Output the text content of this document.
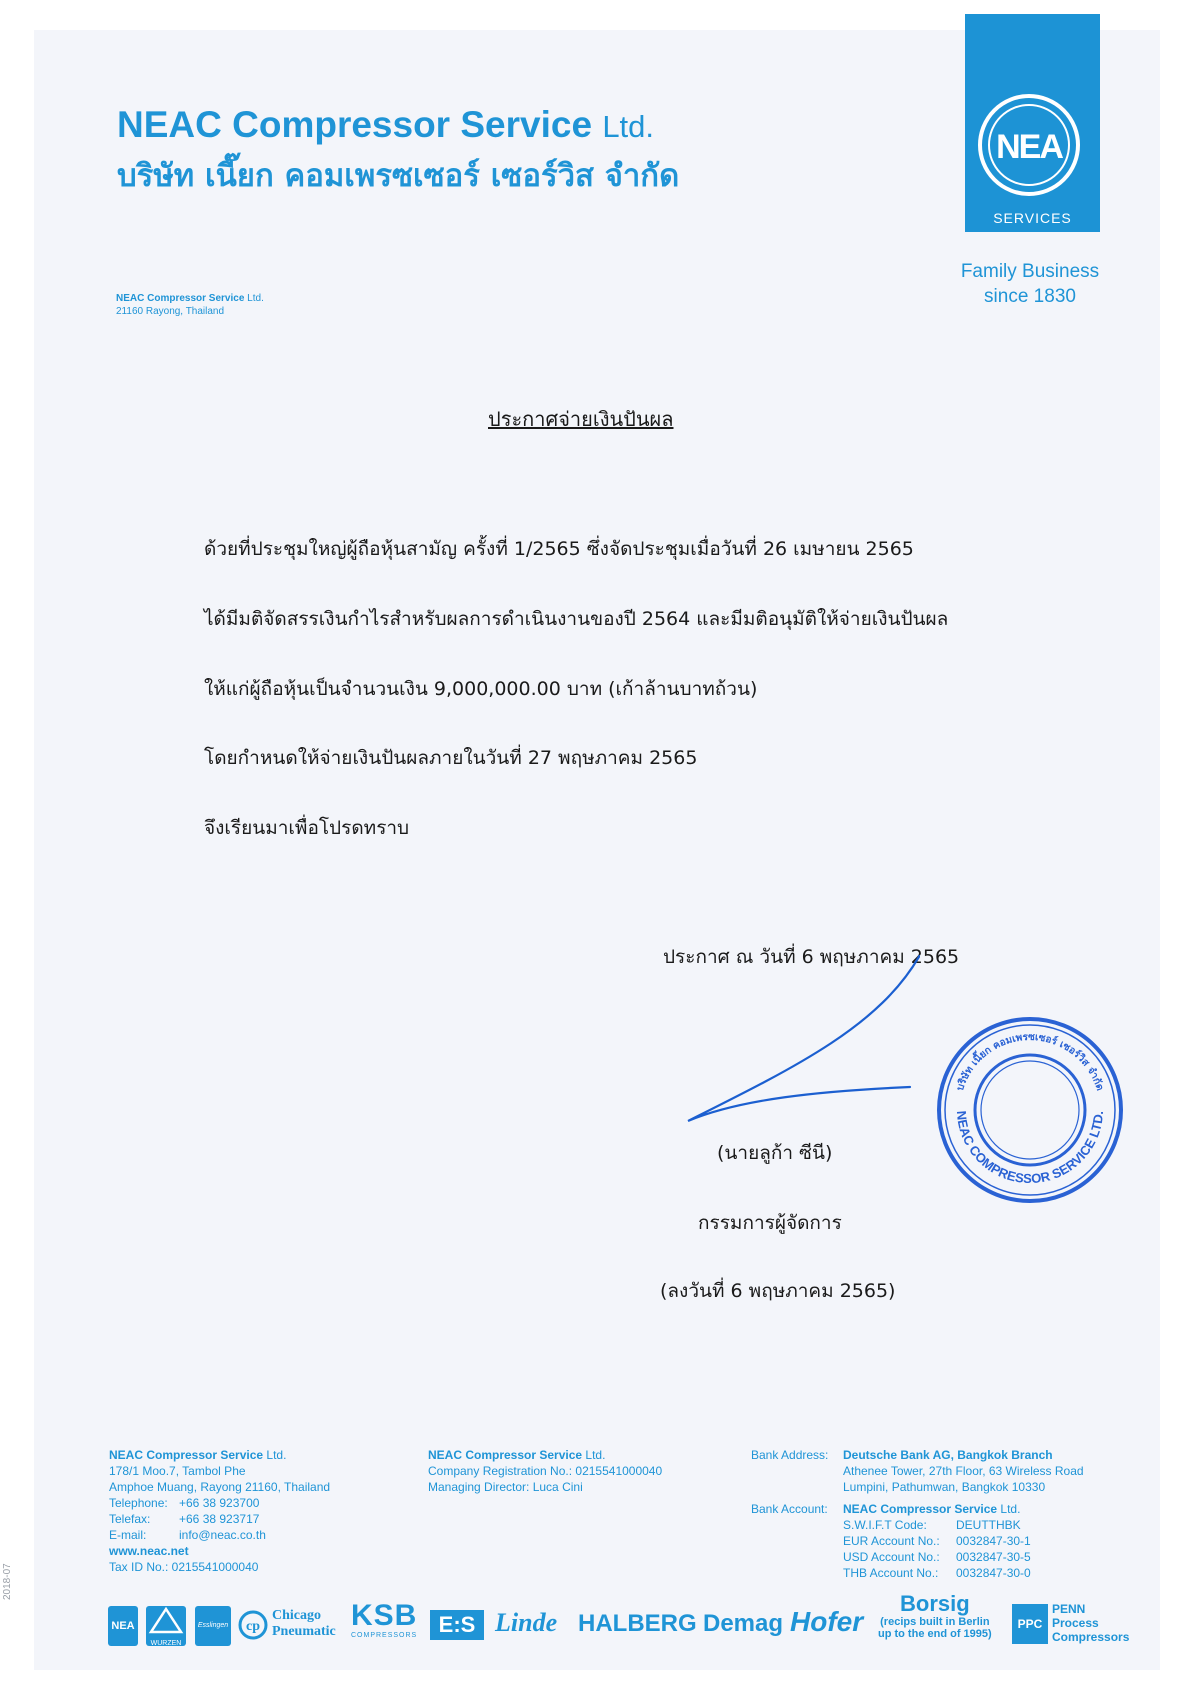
NEAC Compressor Service Ltd.
บริษัท เนี๊ยก คอมเพรซเซอร์ เซอร์วิส จำกัด
NEA
SERVICES
Family Business
since 1830
NEAC Compressor Service Ltd.
21160 Rayong, Thailand
ประกาศจ่ายเงินปันผล
ด้วยที่ประชุมใหญ่ผู้ถือหุ้นสามัญ ครั้งที่ 1/2565 ซึ่งจัดประชุมเมื่อวันที่ 26 เมษายน 2565
ได้มีมติจัดสรรเงินกำไรสำหรับผลการดำเนินงานของปี 2564 และมีมติอนุมัติให้จ่ายเงินปันผล
ให้แก่ผู้ถือหุ้นเป็นจำนวนเงิน 9,000,000.00 บาท (เก้าล้านบาทถ้วน)
โดยกำหนดให้จ่ายเงินปันผลภายในวันที่ 27 พฤษภาคม 2565
จึงเรียนมาเพื่อโปรดทราบ
ประกาศ ณ วันที่ 6 พฤษภาคม 2565
(นายลูก้า ซีนี)
กรรมการผู้จัดการ
(ลงวันที่ 6 พฤษภาคม 2565)
บริษัท เนี๊ยก คอมเพรซเซอร์ เซอร์วิส จำกัด
NEAC COMPRESSOR SERVICE LTD.
NEAC Compressor Service Ltd.
178/1 Moo.7, Tambol Phe
Amphoe Muang, Rayong 21160, Thailand
Telephone: +66 38 923700
Telefax:	+66 38 923717
E-mail:	info@neac.co.th
www.neac.net
Tax ID No.: 0215541000040
NEAC Compressor Service Ltd.
Company Registration No.: 0215541000040
Managing Director: Luca Cini
Bank Address:	Deutsche Bank AG, Bangkok Branch
Athenee Tower, 27th Floor, 63 Wireless Road
Lumpini, Pathumwan, Bangkok 10330
Bank Account:	NEAC Compressor Service Ltd.
S.W.I.F.T Code:	DEUTTHBK
EUR Account No.:	0032847-30-1
USD Account No.:	0032847-30-5
THB Account No.:	0032847-30-0
2018-07
NEA
WURZEN
Esslingen cp
Chicago
Pneumatic KSB
COMPRESSORS E:S Linde HALBERG Demag Hofer
Borsig
(recips built in Berlin
up to the end of 1995)
PPC
PENN
Process
Compressors
